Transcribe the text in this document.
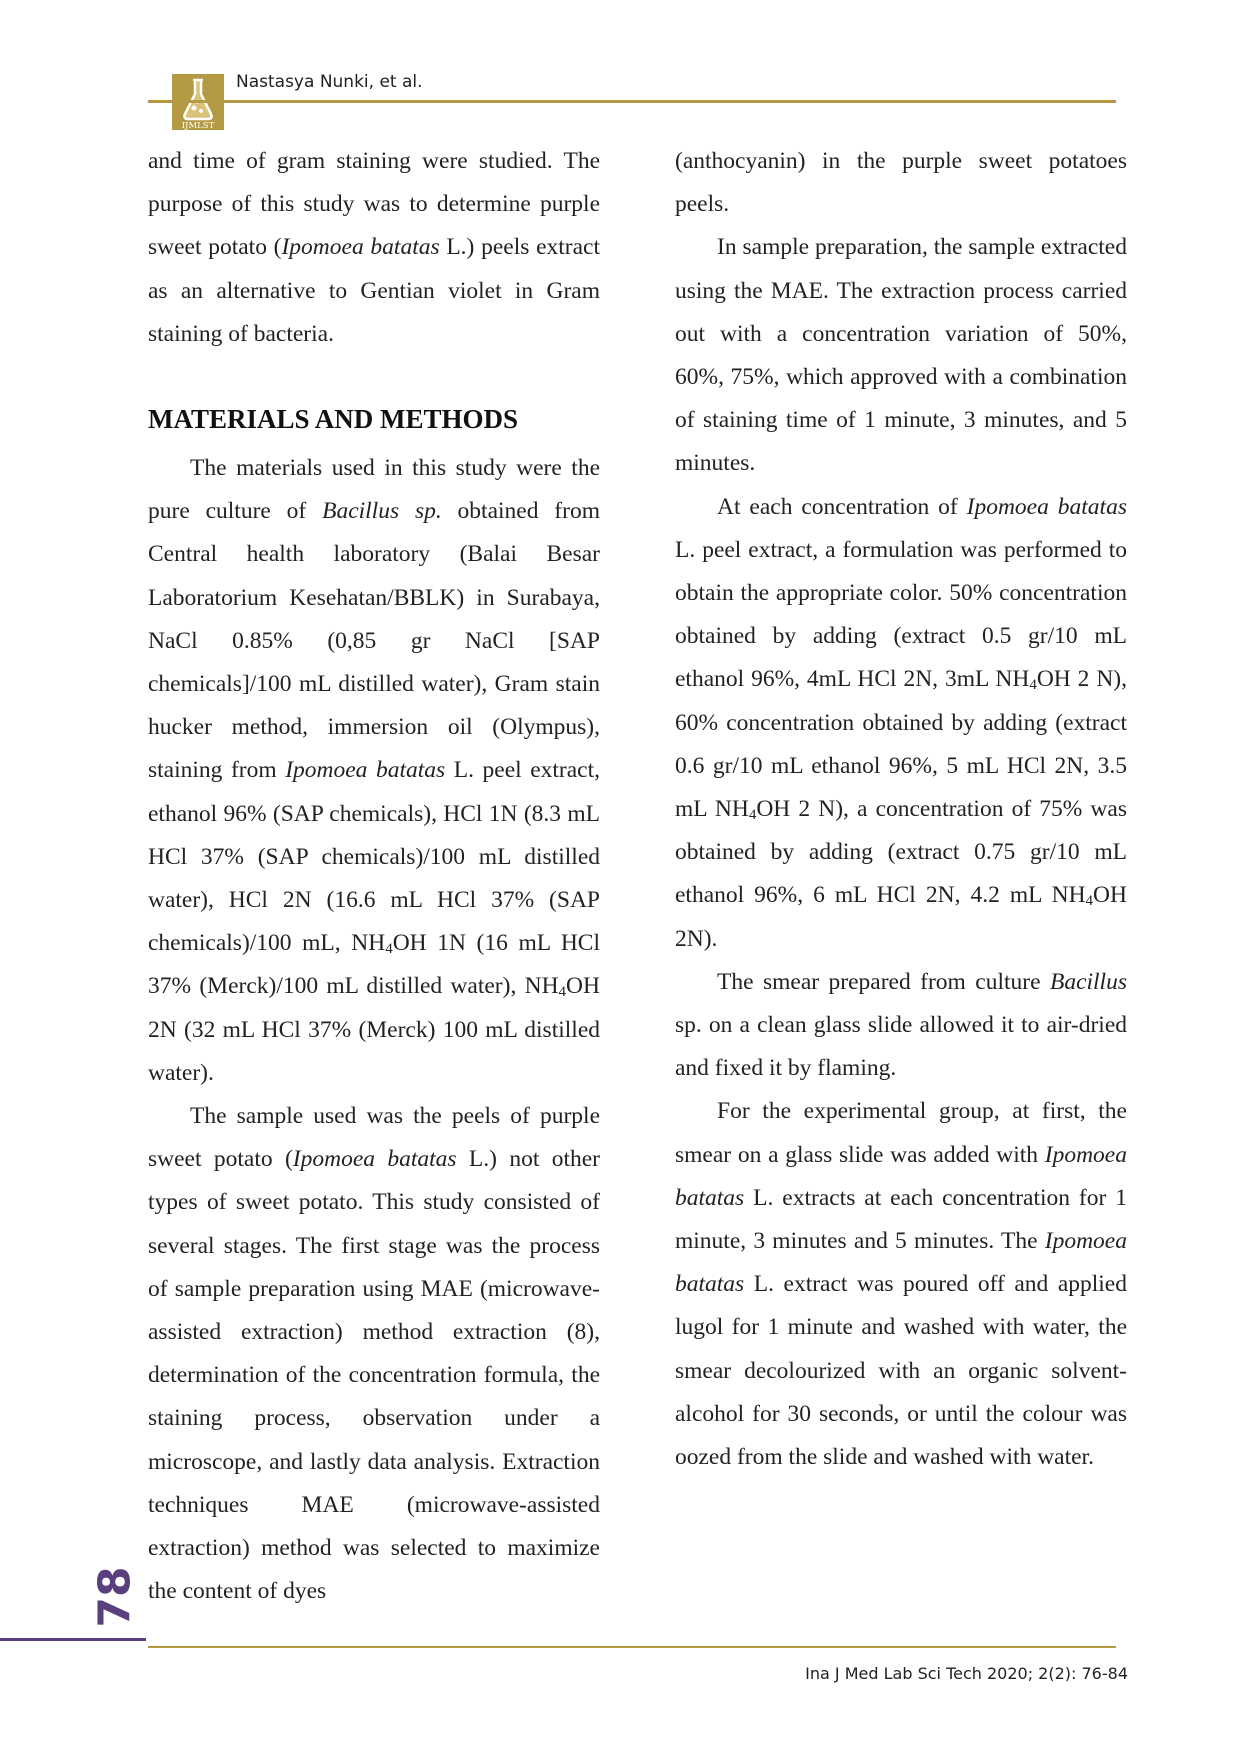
IJMLST
Nastasya Nunki, et al.

and time of gram staining were studied. The purpose of this study was to determine purple sweet potato (Ipomoea batatas L.) peels extract as an alternative to Gentian violet in Gram staining of bacteria.

MATERIALS AND METHODS

The materials used in this study were the pure culture of Bacillus sp. obtained from Central health laboratory (Balai Besar Laboratorium Kesehatan/BBLK) in Surabaya, NaCl 0.85% (0,85 gr NaCl [SAP chemicals]/100 mL distilled water), Gram stain hucker method, immersion oil (Olympus), staining from Ipomoea batatas L. peel extract, ethanol 96% (SAP chemicals), HCl 1N (8.3 mL HCl 37% (SAP chemicals)/100 mL distilled water), HCl 2N (16.6 mL HCl 37% (SAP chemicals)/100 mL, $NH_4OH$ 1N (16 mL HCl 37% (Merck)/100 mL distilled water), $NH_4OH$ 2N (32 mL HCl 37% (Merck) 100 mL distilled water).

The sample used was the peels of purple sweet potato (Ipomoea batatas L.) not other types of sweet potato. This study consisted of several stages. The first stage was the process of sample preparation using MAE (microwave-assisted extraction) method extraction (8), determination of the concentration formula, the staining process, observation under a microscope, and lastly data analysis. Extraction techniques MAE (microwave-assisted extraction) method was selected to maximize the content of dyes

(anthocyanin) in the purple sweet potatoes peels.

In sample preparation, the sample extracted using the MAE. The extraction process carried out with a concentration variation of 50%, 60%, 75%, which approved with a combination of staining time of 1 minute, 3 minutes, and 5 minutes.

At each concentration of Ipomoea batatas L. peel extract, a formulation was performed to obtain the appropriate color. 50% concentration obtained by adding (extract 0.5 gr/10 mL ethanol 96%, 4mL HCl 2N, 3mL $NH_4OH$ 2 N), 60% concentration obtained by adding (extract 0.6 gr/10 mL ethanol 96%, 5 mL HCl 2N, 3.5 mL $NH_4OH$ 2 N), a concentration of 75% was obtained by adding (extract 0.75 gr/10 mL ethanol 96%, 6 mL HCl 2N, 4.2 mL $NH_4OH$ 2N).

The smear prepared from culture Bacillus sp. on a clean glass slide allowed it to air-dried and fixed it by flaming.

For the experimental group, at first, the smear on a glass slide was added with Ipomoea batatas L. extracts at each concentration for 1 minute, 3 minutes and 5 minutes. The Ipomoea batatas L. extract was poured off and applied lugol for 1 minute and washed with water, the smear decolourized with an organic solvent-alcohol for 30 seconds, or until the colour was oozed from the slide and washed with water.

78
Ina J Med Lab Sci Tech 2020; 2(2): 76-84
